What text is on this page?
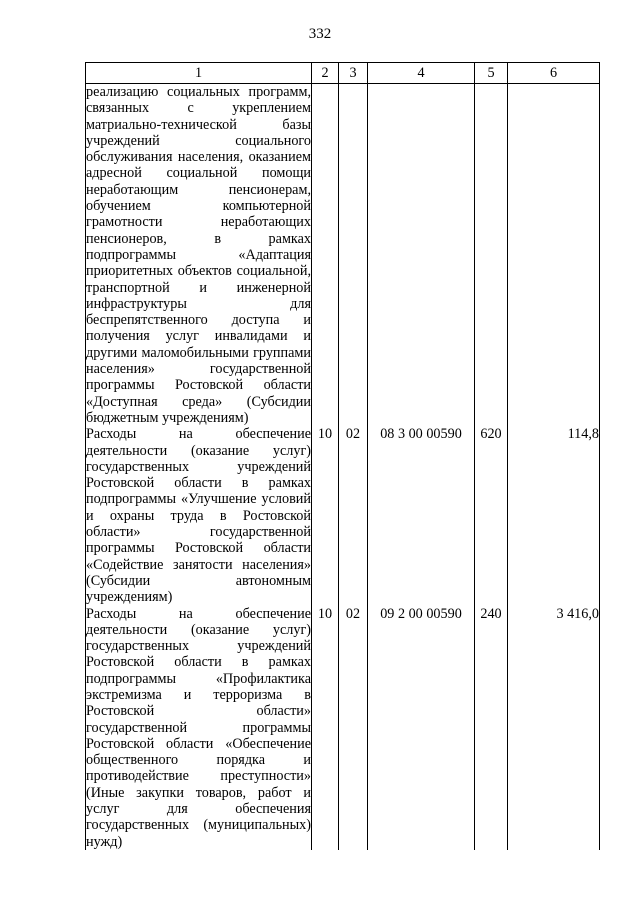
332
1	2	3	4	5	6
реализацию социальных программ, связанных с укреплением матриально-технической базы учреждений социального обслуживания населения, оказанием адресной социальной помощи неработающим пенсионерам, обучением компьютерной грамотности неработающих пенсионеров, в рамках подпрограммы «Адаптация приоритетных объектов социальной, транспортной и инженерной инфраструктуры для беспрепятственного доступа и получения услуг инвалидами и другими маломобильными группами населения» государственной программы Ростовской области «Доступная среда» (Субсидии бюджетным учреждениям)					
Расходы на обеспечение деятельности (оказание услуг) государственных учреждений Ростовской области в рамках подпрограммы «Улучшение условий и охраны труда в Ростовской области» государственной программы Ростовской области «Содействие занятости населения» (Субсидии автономным учреждениям)	10	02	08 3 00 00590	620	114,8
Расходы на обеспечение деятельности (оказание услуг) государственных учреждений Ростовской области в рамках подпрограммы «Профилактика экстремизма и терроризма в Ростовской области» государственной программы Ростовской области «Обеспечение общественного порядка и противодействие преступности» (Иные закупки товаров, работ и услуг для обеспечения государственных (муниципальных) нужд)	10	02	09 2 00 00590	240	3 416,0
